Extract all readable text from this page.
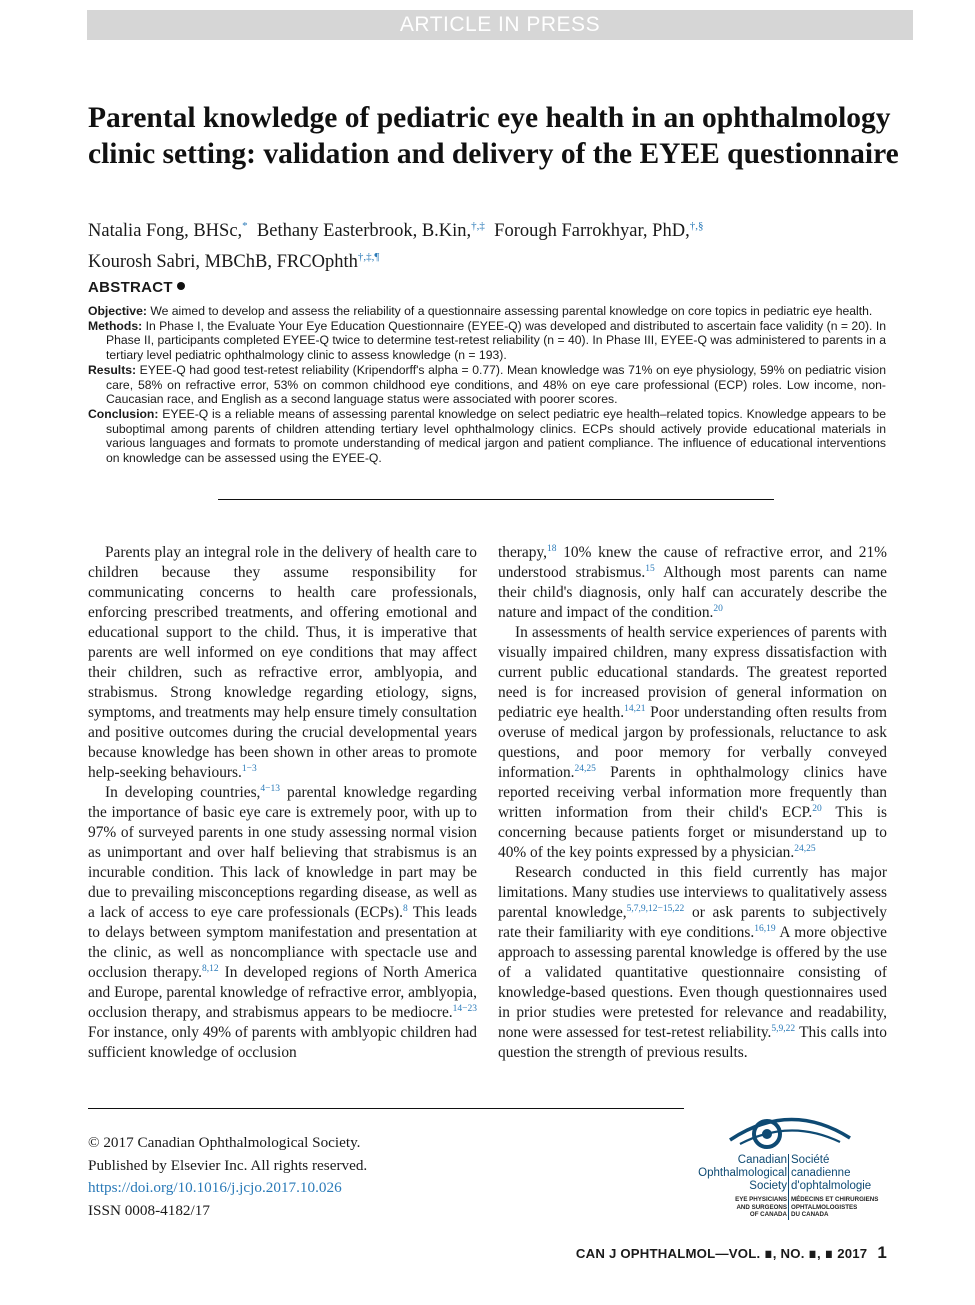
ARTICLE IN PRESS
Parental knowledge of pediatric eye health in an ophthalmology clinic setting: validation and delivery of the EYEE questionnaire
Natalia Fong, BHSc,* Bethany Easterbrook, B.Kin,†,‡ Forough Farrokhyar, PhD,†,§
Kourosh Sabri, MBChB, FRCOphth†,‡,¶
ABSTRACT

Objective: We aimed to develop and assess the reliability of a questionnaire assessing parental knowledge on core topics in pediatric eye health.

Methods: In Phase I, the Evaluate Your Eye Education Questionnaire (EYEE-Q) was developed and distributed to ascertain face validity (n = 20). In Phase II, participants completed EYEE-Q twice to determine test-retest reliability (n = 40). In Phase III, EYEE-Q was administered to parents in a tertiary level pediatric ophthalmology clinic to assess knowledge (n = 193).

Results: EYEE-Q had good test-retest reliability (Kripendorff's alpha = 0.77). Mean knowledge was 71% on eye physiology, 59% on pediatric vision care, 58% on refractive error, 53% on common childhood eye conditions, and 48% on eye care professional (ECP) roles. Low income, non-Caucasian race, and English as a second language status were associated with poorer scores.

Conclusion: EYEE-Q is a reliable means of assessing parental knowledge on select pediatric eye health–related topics. Knowledge appears to be suboptimal among parents of children attending tertiary level ophthalmology clinics. ECPs should actively provide educational materials in various languages and formats to promote understanding of medical jargon and patient compliance. The influence of educational interventions on knowledge can be assessed using the EYEE-Q.

Parents play an integral role in the delivery of health care to children because they assume responsibility for communicating concerns to health care professionals, enforcing prescribed treatments, and offering emotional and educational support to the child. Thus, it is imperative that parents are well informed on eye conditions that may affect their children, such as refractive error, amblyopia, and strabismus. Strong knowledge regarding etiology, signs, symptoms, and treatments may help ensure timely consultation and positive outcomes during the crucial developmental years because knowledge has been shown in other areas to promote help-seeking behaviours.$^{1-3}$

In developing countries,$^{4-13}$ parental knowledge regarding the importance of basic eye care is extremely poor, with up to 97% of surveyed parents in one study assessing normal vision as unimportant and over half believing that strabismus is an incurable condition. This lack of knowledge in part may be due to prevailing misconceptions regarding disease, as well as a lack of access to eye care professionals (ECPs).$^8$ This leads to delays between symptom manifestation and presentation at the clinic, as well as noncompliance with spectacle use and occlusion therapy.$^{8,12}$ In developed regions of North America and Europe, parental knowledge of refractive error, amblyopia, occlusion therapy, and strabismus appears to be mediocre.$^{14-23}$ For instance, only 49% of parents with amblyopic children had sufficient knowledge of occlusion

therapy,$^{18}$ 10% knew the cause of refractive error, and 21% understood strabismus.$^{15}$ Although most parents can name their child's diagnosis, only half can accurately describe the nature and impact of the condition.$^{20}$

In assessments of health service experiences of parents with visually impaired children, many express dissatisfaction with current public educational standards. The greatest reported need is for increased provision of general information on pediatric eye health.$^{14,21}$ Poor understanding often results from overuse of medical jargon by professionals, reluctance to ask questions, and poor memory for verbally conveyed information.$^{24,25}$ Parents in ophthalmology clinics have reported receiving verbal information more frequently than written information from their child's ECP.$^{20}$ This is concerning because patients forget or misunderstand up to 40% of the key points expressed by a physician.$^{24,25}$

Research conducted in this field currently has major limitations. Many studies use interviews to qualitatively assess parental knowledge,$^{5,7,9,12-15,22}$ or ask parents to subjectively rate their familiarity with eye conditions.$^{16,19}$ A more objective approach to assessing parental knowledge is offered by the use of a validated quantitative questionnaire consisting of knowledge-based questions. Even though questionnaires used in prior studies were pretested for relevance and readability, none were assessed for test-retest reliability.$^{5,9,22}$ This calls into question the strength of previous results.

© 2017 Canadian Ophthalmological Society.
Published by Elsevier Inc. All rights reserved.
https://doi.org/10.1016/j.jcjo.2017.10.026
ISSN 0008-4182/17
Canadian
Ophthalmological
Society
Société
canadienne
d'ophtalmologie
EYE PHYSICIANS
AND SURGEONS
OF CANADA
MÉDECINS ET CHIRURGIENS
OPHTALMOLOGISTES
DU CANADA
CAN J OPHTHALMOL—VOL. ∎, NO. ∎, ∎ 2017 1
